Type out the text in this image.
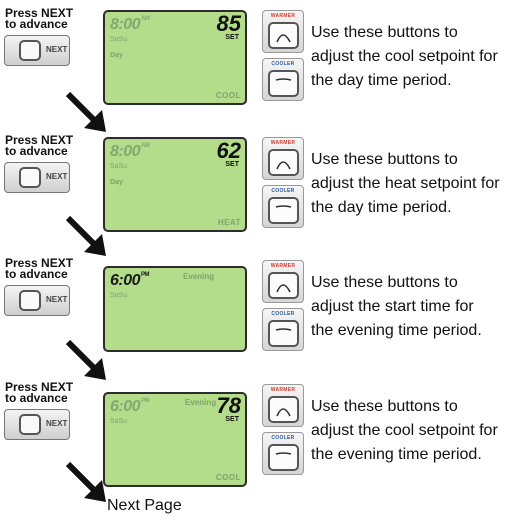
Press NEXT
to advance
NEXT
$8:00^{AM}$
SaSu
Day
85
SET
COOL
WARMER
COOLER
Use these buttons to
adjust the cool setpoint for
the day time period.
Press NEXT
to advance
NEXT
$8:00^{AM}$
SaSu
Day
62
SET
HEAT
WARMER
COOLER
Use these buttons to
adjust the heat setpoint for
the day time period.
Press NEXT
to advance
NEXT
$6:00^{PM}$	Evening
SaSu
WARMER
COOLER
Use these buttons to
adjust the start time for
the evening time period.
Press NEXT
to advance
NEXT
$6:00^{PM}$	Evening
SaSu
78
SET
COOL
WARMER
COOLER
Use these buttons to
adjust the cool setpoint for
the evening time period.
Next Page
